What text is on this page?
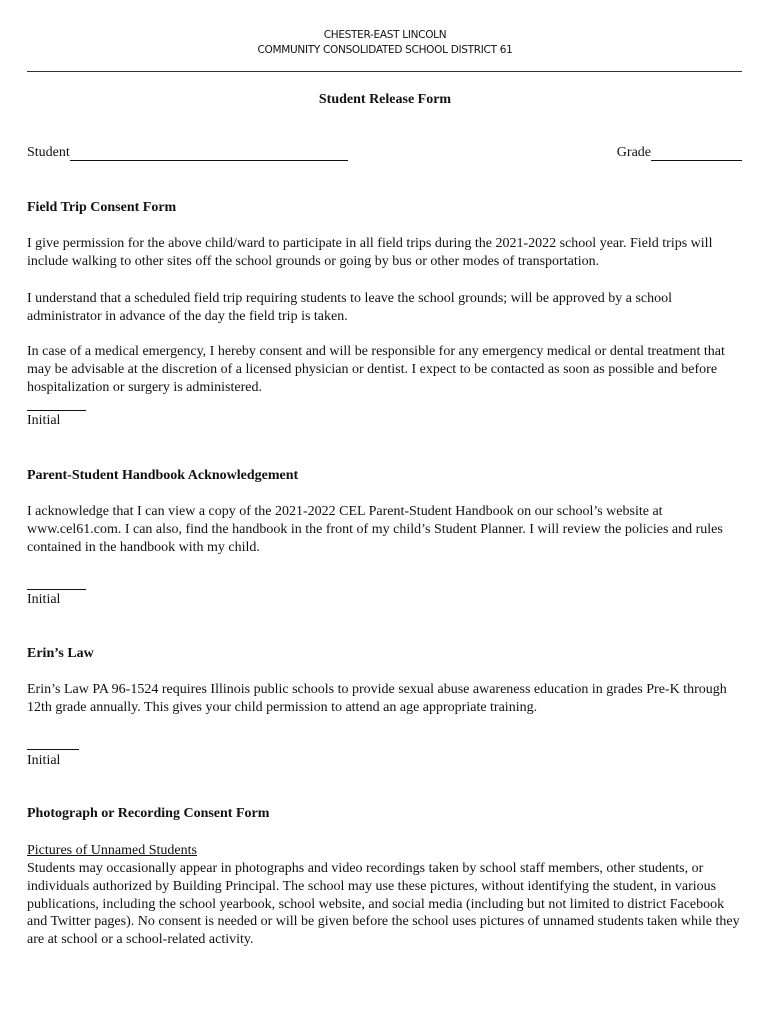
CHESTER-EAST LINCOLN
COMMUNITY CONSOLIDATED SCHOOL DISTRICT 61
Student Release Form
Student	Grade
Field Trip Consent Form
I give permission for the above child/ward to participate in all field trips during the 2021-2022 school year. Field trips will include walking to other sites off the school grounds or going by bus or other modes of transportation.
I understand that a scheduled field trip requiring students to leave the school grounds; will be approved by a school administrator in advance of the day the field trip is taken.
In case of a medical emergency, I hereby consent and will be responsible for any emergency medical or dental treatment that may be advisable at the discretion of a licensed physician or dentist. I expect to be contacted as soon as possible and before hospitalization or surgery is administered.
Initial
Parent-Student Handbook Acknowledgement
I acknowledge that I can view a copy of the 2021-2022 CEL Parent-Student Handbook on our school’s website at www.cel61.com. I can also, find the handbook in the front of my child’s Student Planner. I will review the policies and rules contained in the handbook with my child.
Initial
Erin’s Law
Erin’s Law PA 96-1524 requires Illinois public schools to provide sexual abuse awareness education in grades Pre-K through 12th grade annually. This gives your child permission to attend an age appropriate training.
Initial
Photograph or Recording Consent Form
Pictures of Unnamed Students
Students may occasionally appear in photographs and video recordings taken by school staff members, other students, or individuals authorized by Building Principal. The school may use these pictures, without identifying the student, in various publications, including the school yearbook, school website, and social media (including but not limited to district Facebook and Twitter pages). No consent is needed or will be given before the school uses pictures of unnamed students taken while they are at school or a school-related activity.
